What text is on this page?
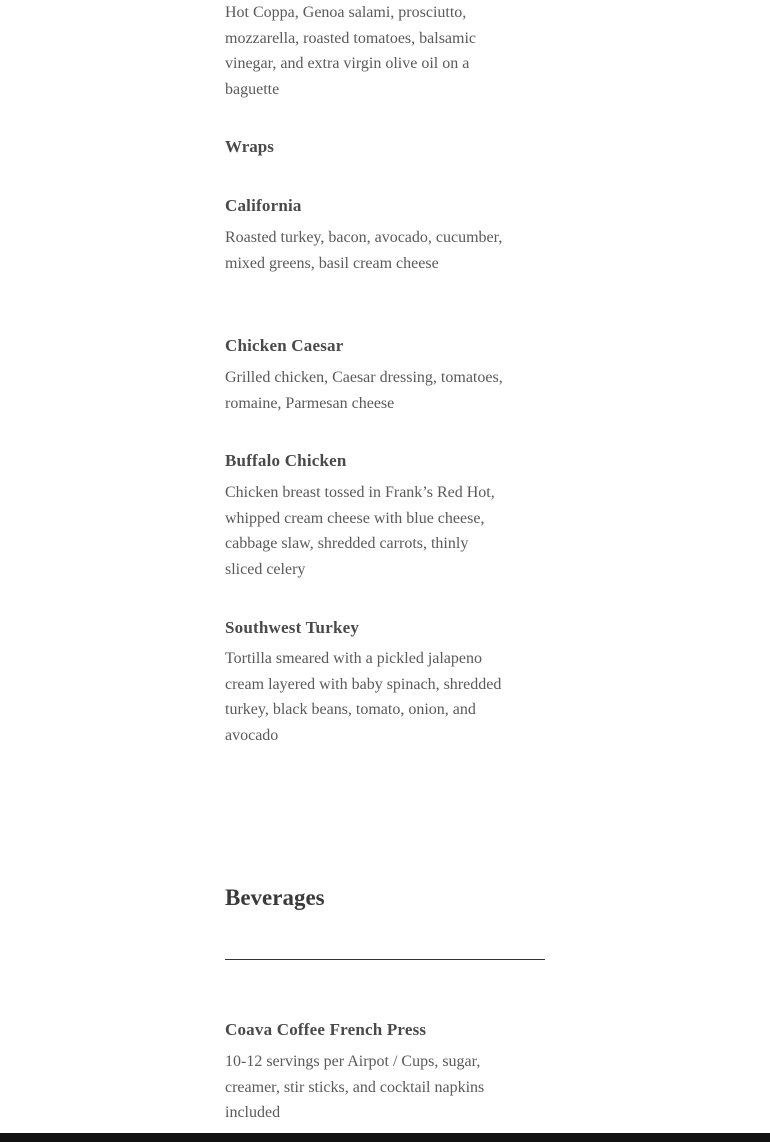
Hot Coppa, Genoa salami, prosciutto, mozzarella, roasted tomatoes, balsamic vinegar, and extra virgin olive oil on a baguette

Wraps
California

Roasted turkey, bacon, avocado, cucumber, mixed greens, basil cream cheese

Chicken Caesar

Grilled chicken, Caesar dressing, tomatoes, romaine, Parmesan cheese

Buffalo Chicken

Chicken breast tossed in Frank’s Red Hot, whipped cream cheese with blue cheese, cabbage slaw, shredded carrots, thinly sliced celery

Southwest Turkey

Tortilla smeared with a pickled jalapeno cream layered with baby spinach, shredded turkey, black beans, tomato, onion, and avocado

Beverages
Coava Coffee French Press

10-12 servings per Airpot / Cups, sugar, creamer, stir sticks, and cocktail napkins included
